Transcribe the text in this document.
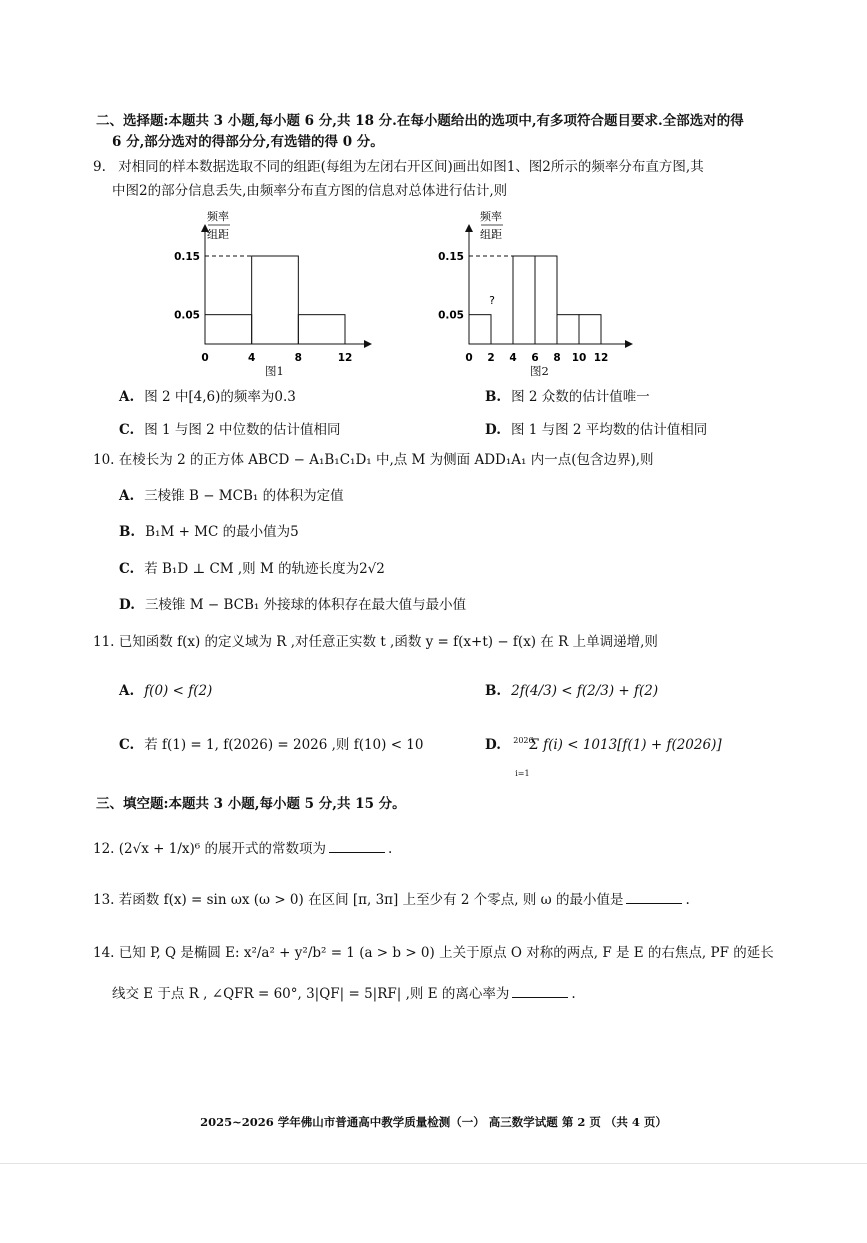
二、选择题:本题共 3 小题,每小题 6 分,共 18 分.在每小题给出的选项中,有多项符合题目要求.全部选对的得
6 分,部分选对的得部分分,有选错的得 0 分。
9. 对相同的样本数据选取不同的组距(每组为左闭右开区间)画出如图1、图2所示的频率分布直方图,其
中图2的部分信息丢失,由频率分布直方图的信息对总体进行估计,则
频率
组距
0.15
0.05
0	4	8	12
图1
频率
组距
?
0.15
0.05
0 2 4 6 8 10 12
图2
A. 图 2 中[4,6)的频率为0.3	B. 图 2 众数的估计值唯一
C. 图 1 与图 2 中位数的估计值相同	D. 图 1 与图 2 平均数的估计值相同
10. 在棱长为 2 的正方体 ABCD − A₁B₁C₁D₁ 中,点 M 为侧面 ADD₁A₁ 内一点(包含边界),则
A. 三棱锥 B − MCB₁ 的体积为定值
B. B₁M + MC 的最小值为5
C. 若 B₁D ⊥ CM ,则 M 的轨迹长度为2√2
D. 三棱锥 M − BCB₁ 外接球的体积存在最大值与最小值
11. 已知函数 f(x) 的定义域为 R ,对任意正实数 t ,函数 y = f(x+t) − f(x) 在 R 上单调递增,则
A. f(0) < f(2)	B. 2f(4/3) < f(2/3) + f(2)
C. 若 f(1) = 1, f(2026) = 2026 ,则 f(10) < 10	D. 2026
i=1
Σ f(i) < 1013[f(1) + f(2026)]
三、填空题:本题共 3 小题,每小题 5 分,共 15 分。
12. (2√x + 1/x)⁶ 的展开式的常数项为	.
13. 若函数 f(x) = sin ωx (ω > 0) 在区间 [π, 3π] 上至少有 2 个零点, 则 ω 的最小值是	.
14. 已知 P, Q 是椭圆 E: x²/a² + y²/b² = 1 (a > b > 0) 上关于原点 O 对称的两点, F 是 E 的右焦点, PF 的延长
线交 E 于点 R , ∠QFR = 60°, 3|QF| = 5|RF| ,则 E 的离心率为	.
2025~2026 学年佛山市普通高中教学质量检测（一） 高三数学试题 第 2 页 （共 4 页）
